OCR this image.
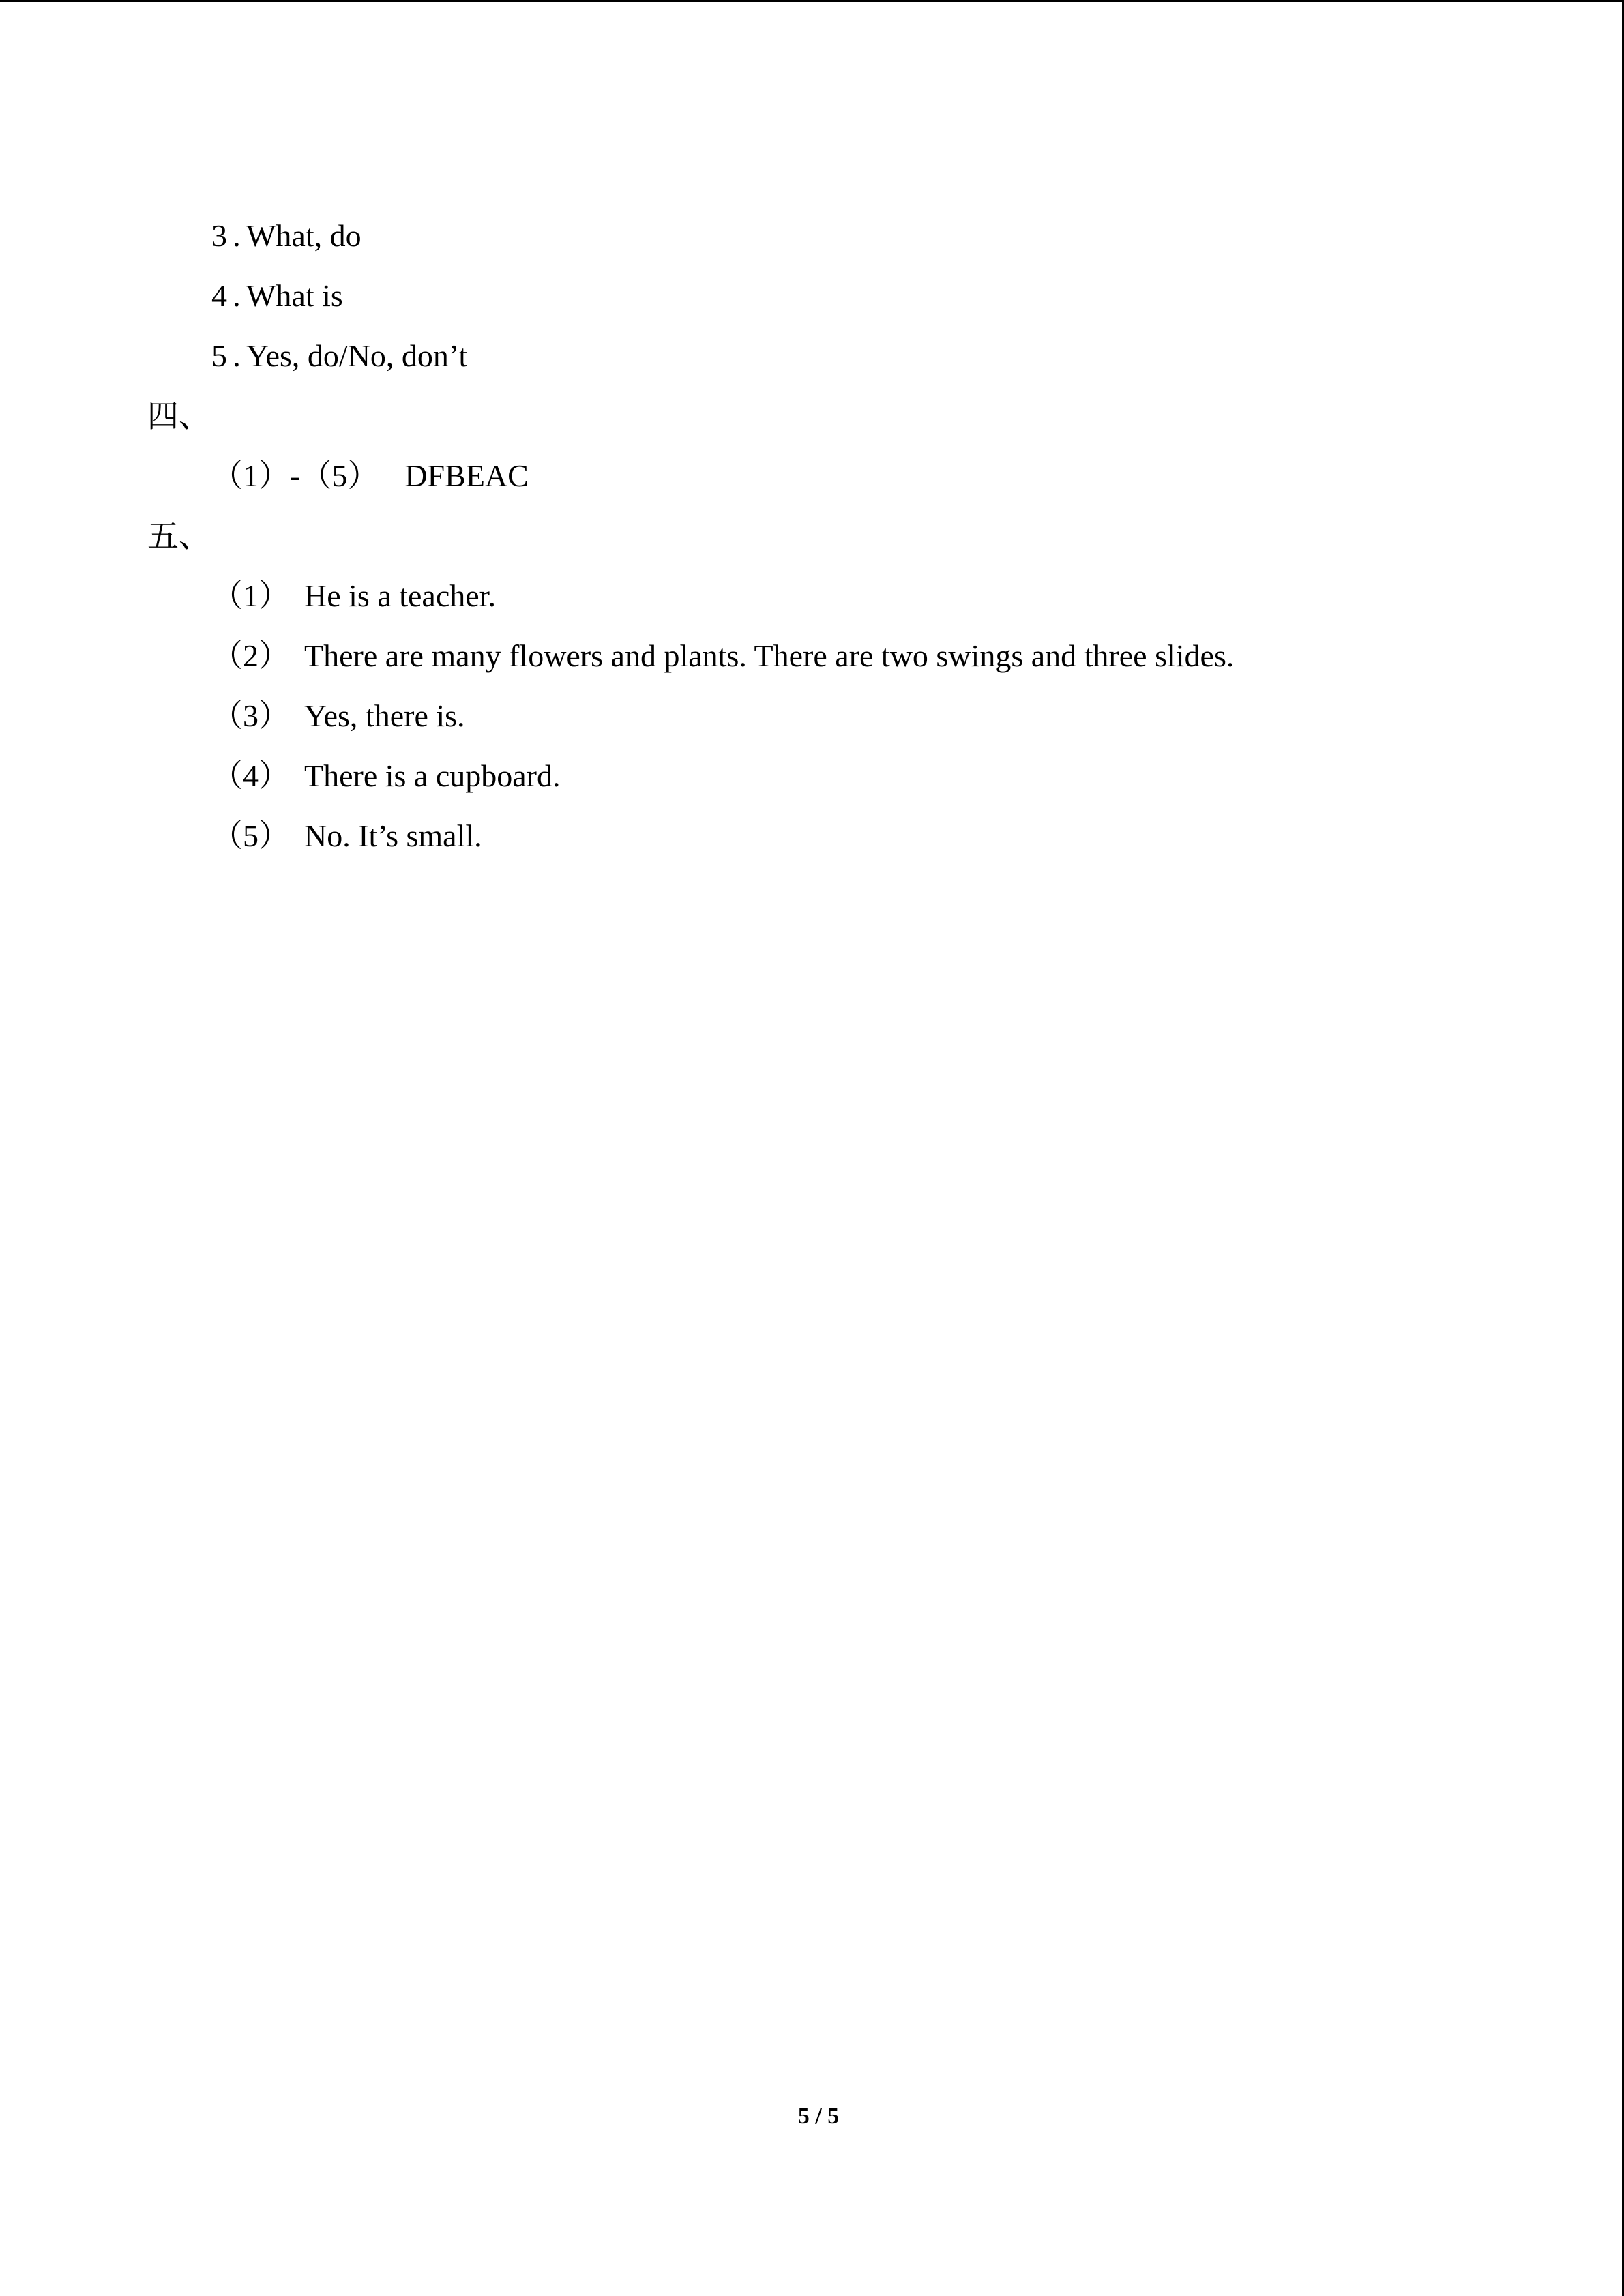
3 . What, do
4 . What is
5 . Yes, do/No, don’t
四、
（1）-（5） DFBEAC
五、
（1） He is a teacher.
（2） There are many flowers and plants. There are two swings and three slides.
（3） Yes, there is.
（4） There is a cupboard.
（5） No. It’s small.
5 / 5
